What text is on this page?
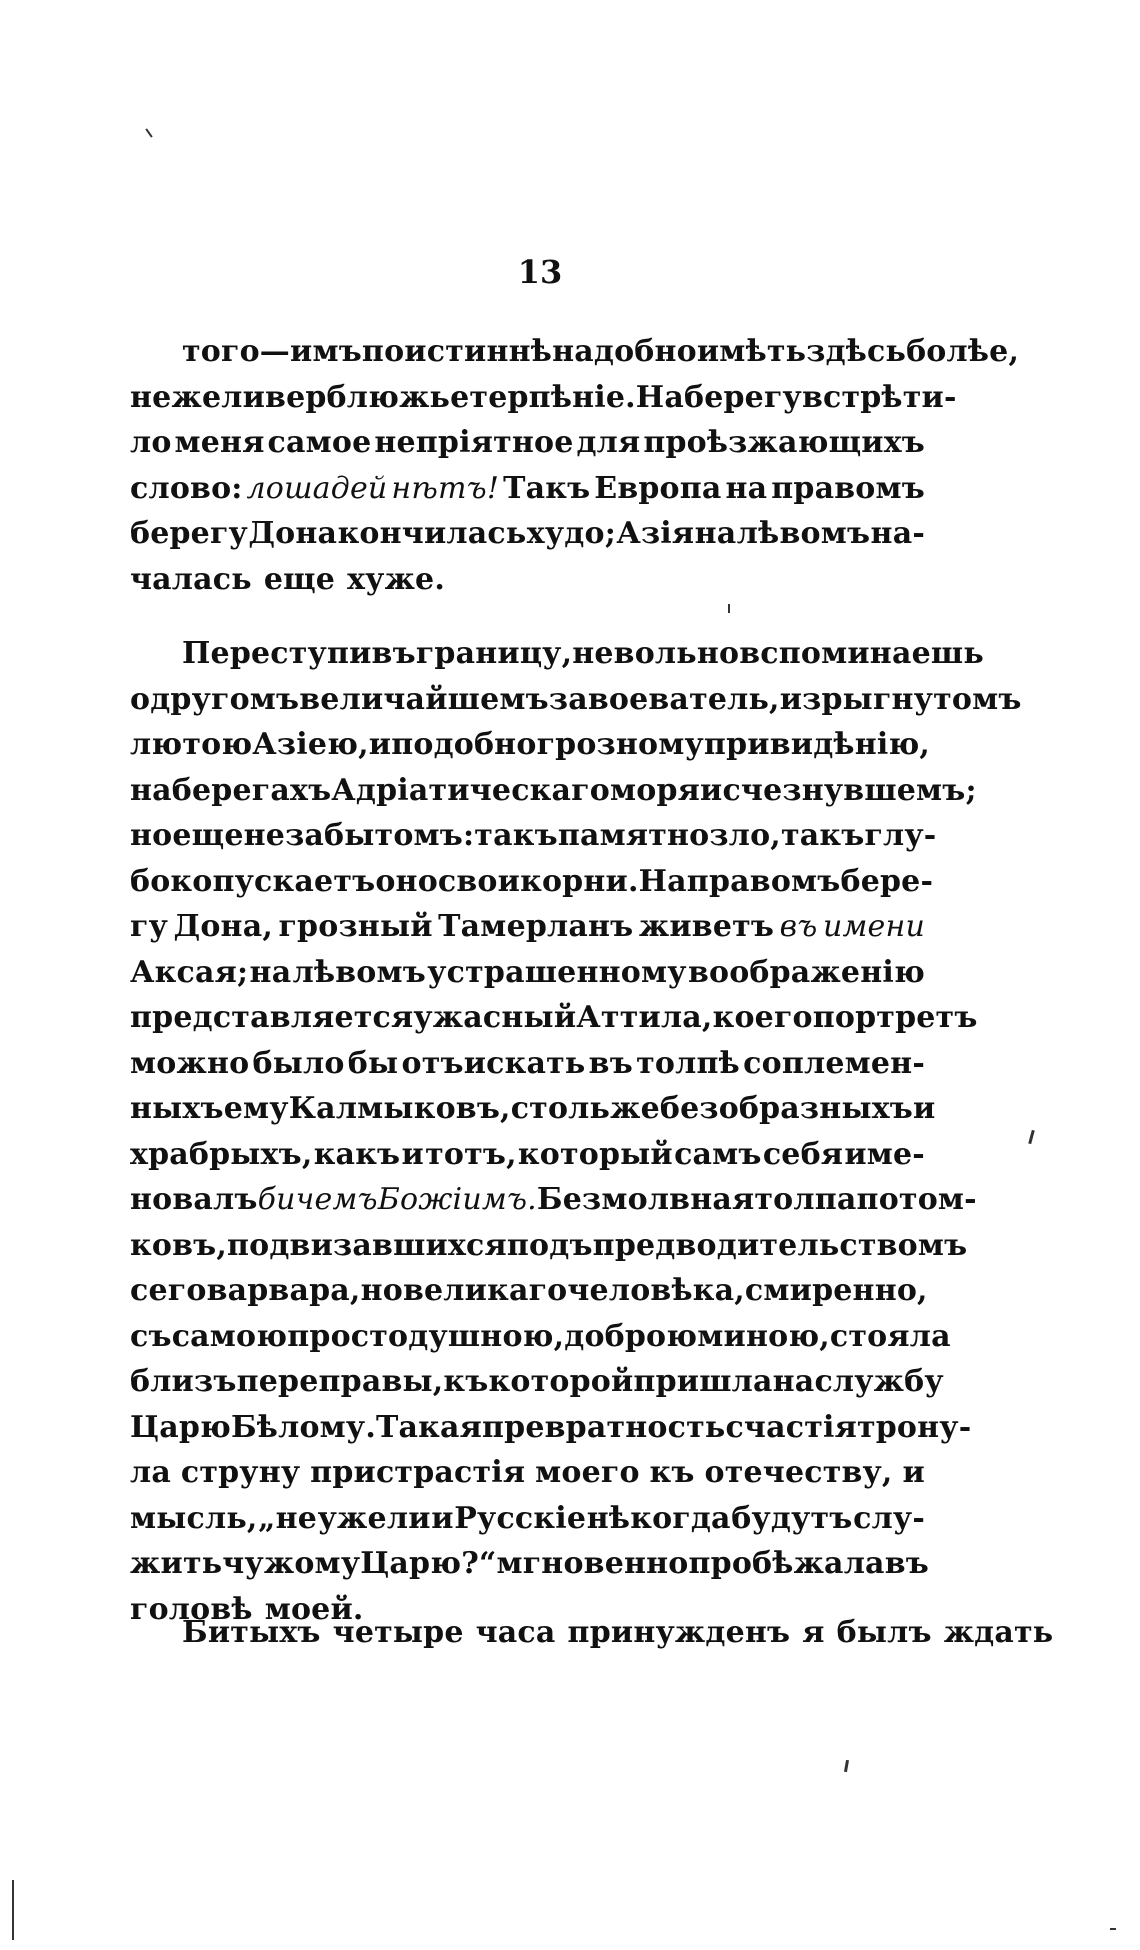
13
того—имъ по истиннѣ надобно имѣть здѣсь болѣе,
нежели верблюжье терпѣнiе. На берегу встрѣти-
ло меня самое непрiятное для проѣзжающихъ
слово: лошадей нѣтъ! Такъ Европа на правомъ
берегу Дона кончилась худо; Азiя на лѣвомъ на-
чалась еще хуже.
Переступивъ границу, невольно вспоминаешь
о другомъ величайшемъ завоеватель, изрыгнутомъ
лютою Азiею, и подобно грозному привидѣнiю,
на берегахъ Адрiатическаго моря исчезнувшемъ;
но еще незабытомъ: такъ памятно зло, такъ глу-
боко пускаетъ оно свои корни. На правомъ бере-
гу Дона, грозный Тамерланъ живетъ въ имени
Аксая; на лѣвомъ устрашенному воображенiю
представляется ужасный Аттила, коего портретъ
можно было бы отъискать въ толпѣ соплемен-
ныхъ ему Калмыковъ, столь же безобразныхъ и
храбрыхъ, какъ и тотъ, который самъ себя име-
новалъ бичемъ Божiимъ. Безмолвная толпа потом-
ковъ, подвизавшихся подъ предводительствомъ
сего варвара, но великаго человѣка, смиренно,
съ самою простодушною, доброю миною, стояла
близъ переправы, къ которой пришла на службу
Царю Бѣлому. Такая превратность счастiя трону-
ла струну пристрастiя моего къ отечеству, и
мысль, „не ужели и Русскiе нѣкогда будутъ слу-
жить чужому Царю?“ мгновенно пробѣжала въ
головѣ моей.
Битыхъ четыре часа принужденъ я былъ ждать
